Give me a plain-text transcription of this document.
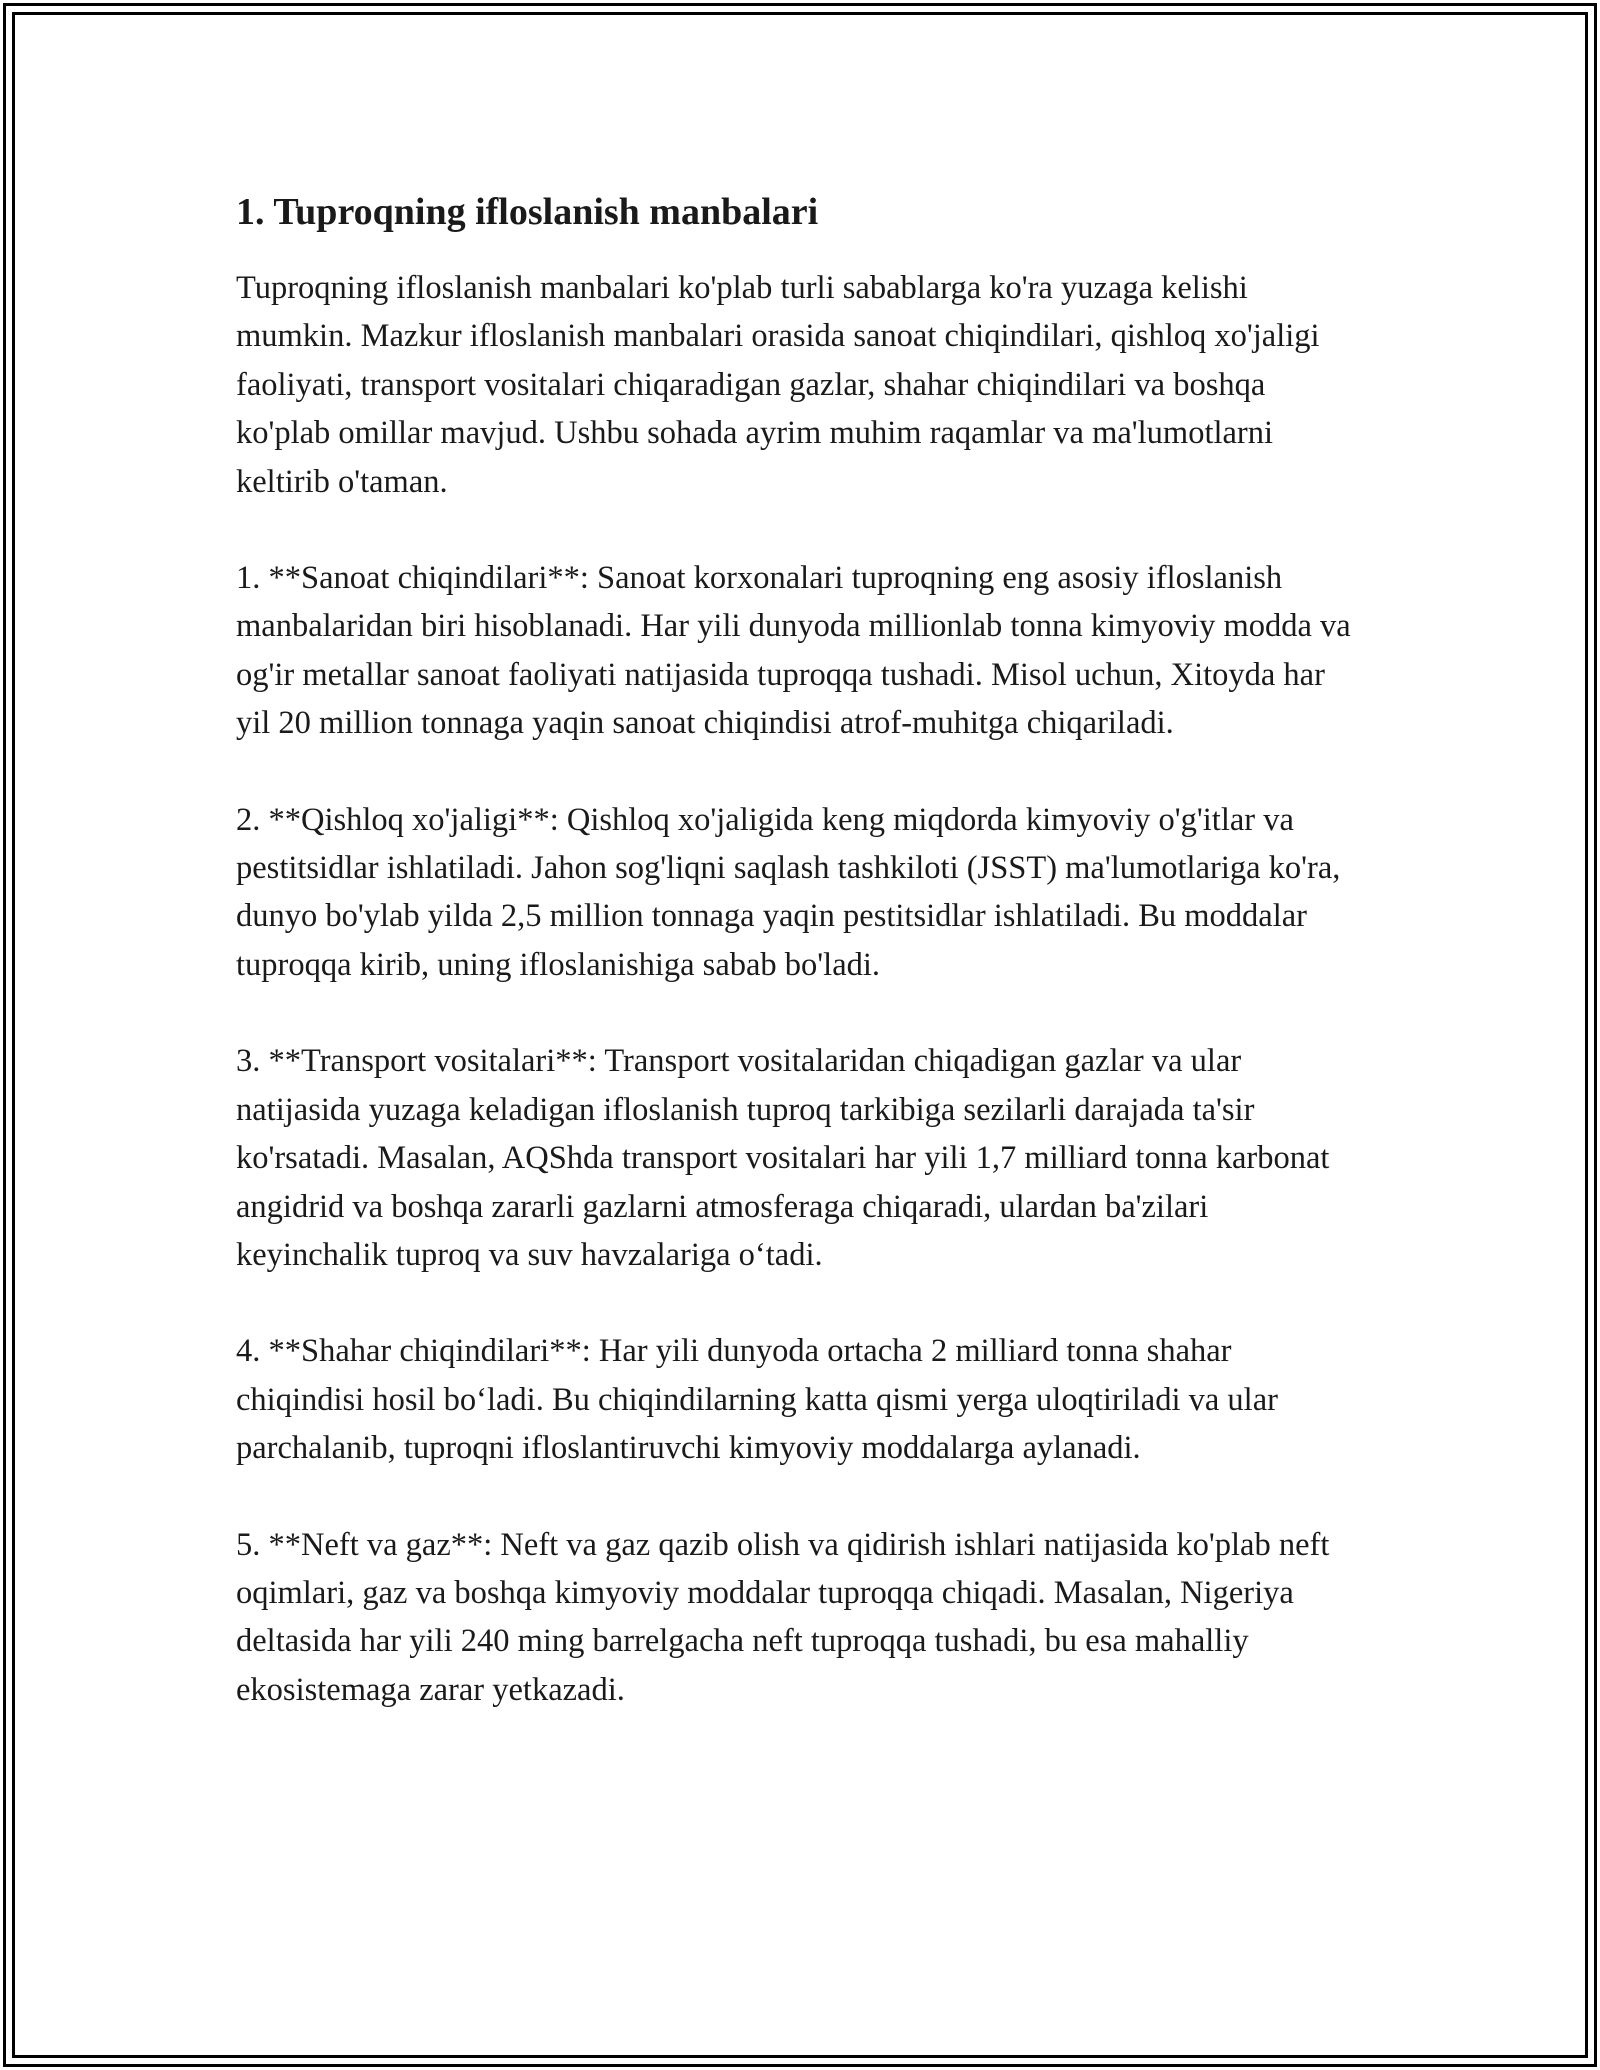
1. Tuproqning ifloslanish manbalari

Tuproqning ifloslanish manbalari ko'plab turli sabablarga ko'ra yuzaga kelishi mumkin. Mazkur ifloslanish manbalari orasida sanoat chiqindilari, qishloq xo'jaligi faoliyati, transport vositalari chiqaradigan gazlar, shahar chiqindilari va boshqa ko'plab omillar mavjud. Ushbu sohada ayrim muhim raqamlar va ma'lumotlarni keltirib o'taman.

1. **Sanoat chiqindilari**: Sanoat korxonalari tuproqning eng asosiy ifloslanish manbalaridan biri hisoblanadi. Har yili dunyoda millionlab tonna kimyoviy modda va og'ir metallar sanoat faoliyati natijasida tuproqqa tushadi. Misol uchun, Xitoyda har yil 20 million tonnaga yaqin sanoat chiqindisi atrof-muhitga chiqariladi.

2. **Qishloq xo'jaligi**: Qishloq xo'jaligida keng miqdorda kimyoviy o'g'itlar va pestitsidlar ishlatiladi. Jahon sog'liqni saqlash tashkiloti (JSST) ma'lumotlariga ko'ra, dunyo bo'ylab yilda 2,5 million tonnaga yaqin pestitsidlar ishlatiladi. Bu moddalar tuproqqa kirib, uning ifloslanishiga sabab bo'ladi.

3. **Transport vositalari**: Transport vositalaridan chiqadigan gazlar va ular natijasida yuzaga keladigan ifloslanish tuproq tarkibiga sezilarli darajada ta'sir ko'rsatadi. Masalan, AQShda transport vositalari har yili 1,7 milliard tonna karbonat angidrid va boshqa zararli gazlarni atmosferaga chiqaradi, ulardan ba'zilari keyinchalik tuproq va suv havzalariga o‘tadi.

4. **Shahar chiqindilari**: Har yili dunyoda ortacha 2 milliard tonna shahar chiqindisi hosil bo‘ladi. Bu chiqindilarning katta qismi yerga uloqtiriladi va ular parchalanib, tuproqni ifloslantiruvchi kimyoviy moddalarga aylanadi.

5. **Neft va gaz**: Neft va gaz qazib olish va qidirish ishlari natijasida ko'plab neft oqimlari, gaz va boshqa kimyoviy moddalar tuproqqa chiqadi. Masalan, Nigeriya deltasida har yili 240 ming barrelgacha neft tuproqqa tushadi, bu esa mahalliy ekosistemaga zarar yetkazadi.
